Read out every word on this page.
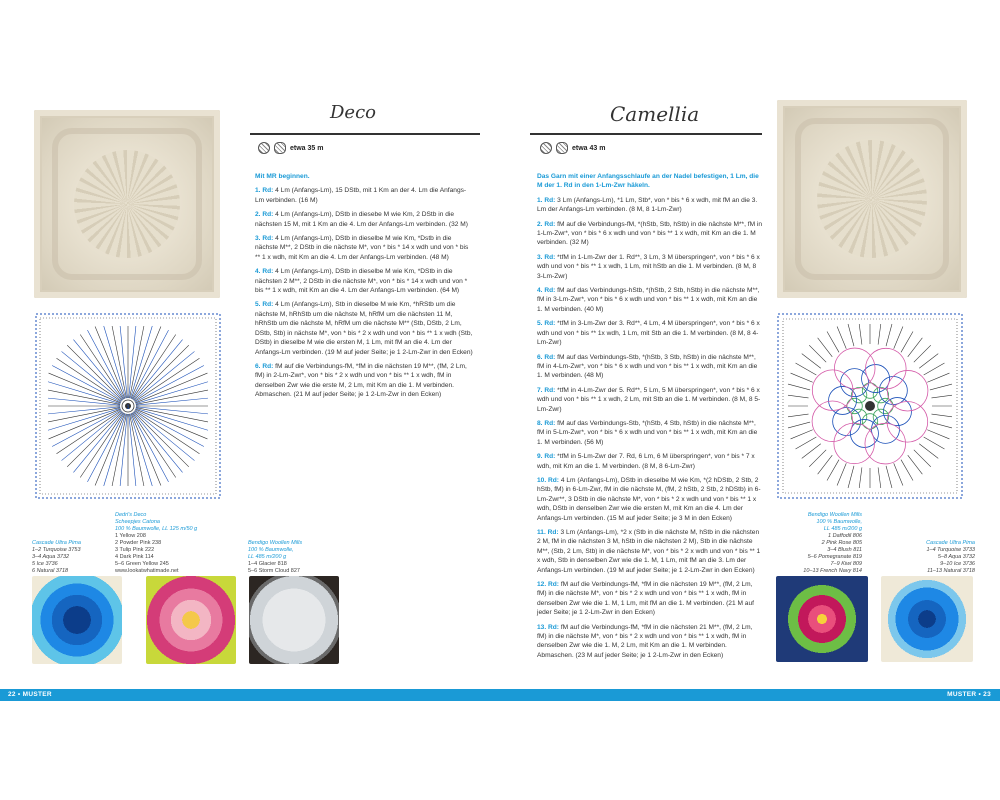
1
Deco
etwa 35 m

Mit MR beginnen.

1. Rd: 4 Lm (Anfangs-Lm), 15 DStb, mit 1 Km an der 4. Lm die Anfangs-Lm verbinden. (16 M)

2. Rd: 4 Lm (Anfangs-Lm), DStb in diesebe M wie Km, 2 DStb in die nächsten 15 M, mit 1 Km an die 4. Lm der Anfangs-Lm verbinden. (32 M)

3. Rd: 4 Lm (Anfangs-Lm), DStb in dieselbe M wie Km, *Dstb in die nächste M**, 2 DStb in die nächste M*, von * bis * 14 x wdh und von * bis ** 1 x wdh, mit Km an die 4. Lm der Anfangs-Lm verbinden. (48 M)

4. Rd: 4 Lm (Anfangs-Lm), DStb in dieselbe M wie Km, *DStb in die nächsten 2 M**, 2 DStb in die nächste M*, von * bis * 14 x wdh und von * bis ** 1 x wdh, mit Km an die 4. Lm der Anfangs-Lm verbinden. (64 M)

5. Rd: 4 Lm (Anfangs-Lm), Stb in dieselbe M wie Km, *hRStb um die nächste M, hRhStb um die nächste M, hRfM um die nächsten 11 M, hRhStb um die nächste M, hRfM um die nächste M** (Stb, DStb, 2 Lm, DStb, Stb) in nächste M*, von * bis * 2 x wdh und von * bis ** 1 x wdh (Stb, DStb) in dieselbe M wie die ersten M, 1 Lm, mit fM an die 4. Lm der Anfangs-Lm verbinden. (19 M auf jeder Seite; je 1 2-Lm-Zwr in den Ecken)

6. Rd: fM auf die Verbindungs-fM, *fM in die nächsten 19 M**, (fM, 2 Lm, fM) in 2-Lm-Zwr*, von * bis * 2 x wdh und von * bis ** 1 x wdh, fM in denselben Zwr wie die erste M, 2 Lm, mit Km an die 1. M verbinden. Abmaschen. (21 M auf jeder Seite; je 1 2-Lm-Zwr in den Ecken)

Cascade Ultra Pima
1–2 Turquoise 3753
3–4 Aqua 3732
5 Ice 3736
6 Natural 3718
Dedri's Deco
Scheepjes Catona
100 % Baumwolle, LL 125 m/50 g
1 Yellow 208
2 Powder Pink 238
3 Tulip Pink 222
4 Dark Pink 114
5–6 Green Yellow 245
www.lookatwhatimade.net
Bendigo Woollen Mills
100 % Baumwolle,
LL 485 m/200 g
1–4 Glacier 818
5–6 Storm Cloud 827
22 • MUSTER
Camellia
etwa 43 m

Das Garn mit einer Anfangsschlaufe an der Nadel befestigen, 1 Lm, die M der 1. Rd in den 1-Lm-Zwr häkeln.

1. Rd: 3 Lm (Anfangs-Lm), *1 Lm, Stb*, von * bis * 6 x wdh, mit fM an die 3. Lm der Anfangs-Lm verbinden. (8 M, 8 1-Lm-Zwr)

2. Rd: fM auf die Verbindungs-fM, *(hStb, Stb, hStb) in die nächste M**, fM in 1-Lm-Zwr*, von * bis * 6 x wdh und von * bis ** 1 x wdh, mit Km an die 1. M verbinden. (32 M)

3. Rd: *tfM in 1-Lm-Zwr der 1. Rd**, 3 Lm, 3 M überspringen*, von * bis * 6 x wdh und von * bis ** 1 x wdh, 1 Lm, mit hStb an die 1. M verbinden. (8 M, 8 3-Lm-Zwr)

4. Rd: fM auf das Verbindungs-hStb, *(hStb, 2 Stb, hStb) in die nächste M**, fM in 3-Lm-Zwr*, von * bis * 6 x wdh und von * bis ** 1 x wdh, mit Km an die 1. M verbinden. (40 M)

5. Rd: *tfM in 3-Lm-Zwr der 3. Rd**, 4 Lm, 4 M überspringen*, von * bis * 6 x wdh und von * bis ** 1x wdh, 1 Lm, mit Stb an die 1. M verbinden. (8 M, 8 4-Lm-Zwr)

6. Rd: fM auf das Verbindungs-Stb, *(hStb, 3 Stb, hStb) in die nächste M**, fM in 4-Lm-Zwr*, von * bis * 6 x wdh und von * bis ** 1 x wdh, mit Km an die 1. M verbinden. (48 M)

7. Rd: *tfM in 4-Lm-Zwr der 5. Rd**, 5 Lm, 5 M überspringen*, von * bis * 6 x wdh und von * bis ** 1 x wdh, 2 Lm, mit Stb an die 1. M verbinden. (8 M, 8 5-Lm-Zwr)

8. Rd: fM auf das Verbindungs-Stb, *(hStb, 4 Stb, hStb) in die nächste M**, fM in 5-Lm-Zwr*, von * bis * 6 x wdh und von * bis ** 1 x wdh, mit Km an die 1. M verbinden. (56 M)

9. Rd: *tfM in 5-Lm-Zwr der 7. Rd, 6 Lm, 6 M überspringen*, von * bis * 7 x wdh, mit Km an die 1. M verbinden. (8 M, 8 6-Lm-Zwr)

10. Rd: 4 Lm (Anfangs-Lm), DStb in dieselbe M wie Km, *(2 hDStb, 2 Stb, 2 hStb, fM) in 6-Lm-Zwr, fM in die nächste M, (fM, 2 hStb, 2 Stb, 2 hDStb) in 6-Lm-Zwr**, 3 DStb in die nächste M*, von * bis * 2 x wdh und von * bis ** 1 x wdh, DStb in denselben Zwr wie die ersten M, mit Km an die 4. Lm der Anfangs-Lm verbinden. (15 M auf jeder Seite; je 3 M in den Ecken)

11. Rd: 3 Lm (Anfangs-Lm), *2 x (Stb in die nächste M, hStb in die nächsten 2 M, fM in die nächsten 3 M, hStb in die nächsten 2 M), Stb in die nächste M**, (Stb, 2 Lm, Stb) in die nächste M*, von * bis * 2 x wdh und von * bis ** 1 x wdh, Stb in denselben Zwr wie die 1. M, 1 Lm, mit fM an die 3. Lm der Anfangs-Lm verbinden. (19 M auf jeder Seite; je 1 2-Lm-Zwr in den Ecken)

12. Rd: fM auf die Verbindungs-fM, *fM in die nächsten 19 M**, (fM, 2 Lm, fM) in die nächste M*, von * bis * 2 x wdh und von * bis ** 1 x wdh, fM in denselben Zwr wie die 1. M, 1 Lm, mit fM an die 1. M verbinden. (21 M auf jeder Seite; je 1 2-Lm-Zwr in den Ecken)

13. Rd: fM auf die Verbindungs-fM, *fM in die nächsten 21 M**, (fM, 2 Lm, fM) in die nächste M*, von * bis * 2 x wdh und von * bis ** 1 x wdh, fM in denselben Zwr wie die 1. M, 2 Lm, mit Km an die 1. M verbinden. Abmaschen. (23 M auf jeder Seite; je 1 2-Lm-Zwr in den Ecken)

Bendigo Woollen Mills
100 % Baumwolle,
LL 485 m/200 g
1 Daffodil 806
2 Pink Rose 805
3–4 Blush 811
5–6 Pomegranate 819
7–9 Kiwi 809
10–13 French Navy 814
Cascade Ultra Pima
1–4 Turquoise 3733
5–8 Aqua 3732
9–10 Ice 3736
11–13 Natural 3718
MUSTER • 23
